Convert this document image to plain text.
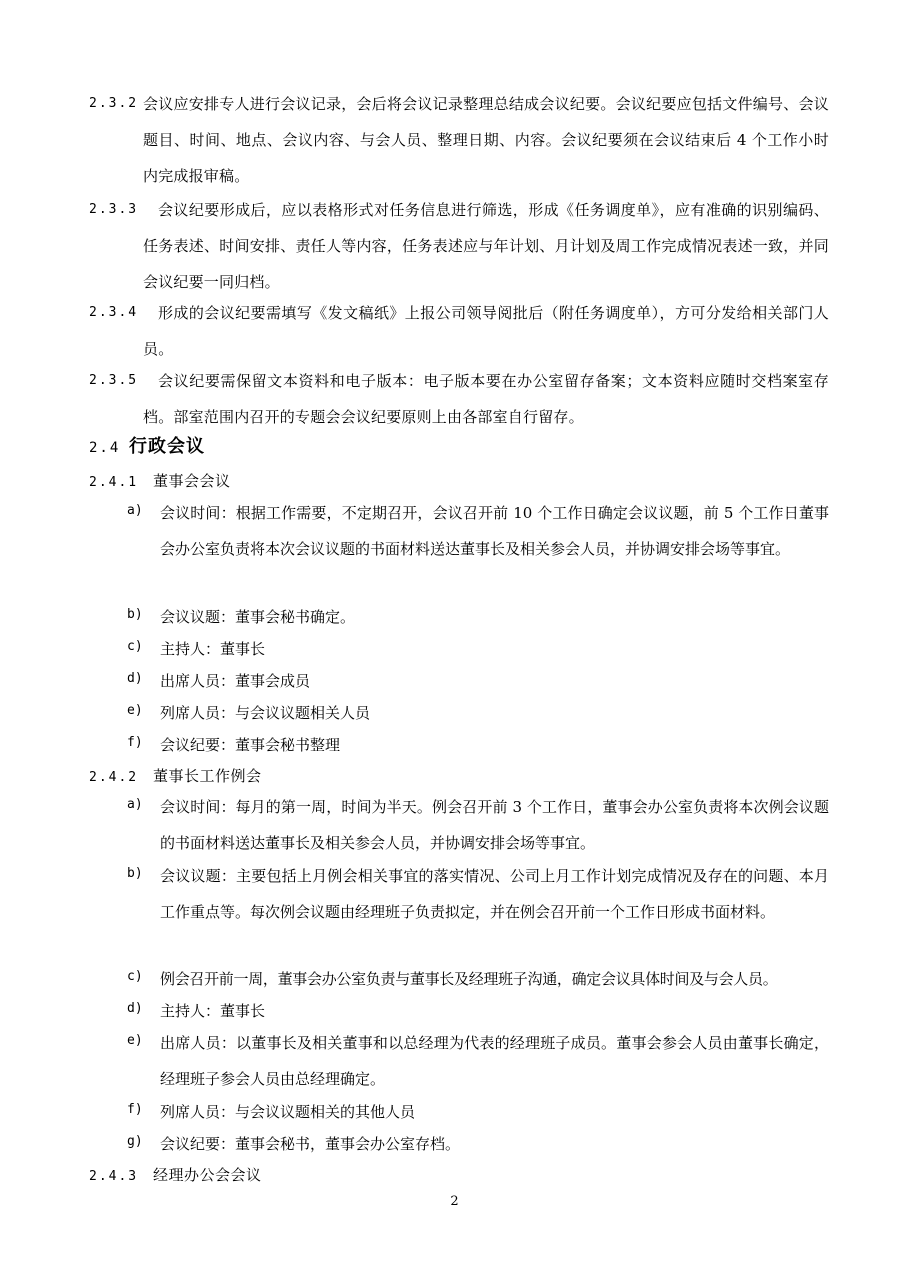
2.3.2 会议应安排专人进行会议记录，会后将会议记录整理总结成会议纪要。会议纪要应包括文件编号、会议题目、时间、地点、会议内容、与会人员、整理日期、内容。会议纪要须在会议结束后 4 个工作小时内完成报审稿。
2.3.3	会议纪要形成后，应以表格形式对任务信息进行筛选，形成《任务调度单》，应有准确的识别编码、任务表述、时间安排、责任人等内容，任务表述应与年计划、月计划及周工作完成情况表述一致，并同会议纪要一同归档。
2.3.4	形成的会议纪要需填写《发文稿纸》上报公司领导阅批后（附任务调度单），方可分发给相关部门人员。
2.3.5	会议纪要需保留文本资料和电子版本：电子版本要在办公室留存备案；文本资料应随时交档案室存档。部室范围内召开的专题会会议纪要原则上由各部室自行留存。
2.4 行政会议
2.4.1 董事会会议
a) 会议时间：根据工作需要，不定期召开，会议召开前 10 个工作日确定会议议题，前 5 个工作日董事会办公室负责将本次会议议题的书面材料送达董事长及相关参会人员，并协调安排会场等事宜。
b) 会议议题：董事会秘书确定。
c) 主持人：董事长
d) 出席人员：董事会成员
e) 列席人员：与会议议题相关人员
f) 会议纪要：董事会秘书整理
2.4.2 董事长工作例会
a) 会议时间：每月的第一周，时间为半天。例会召开前 3 个工作日，董事会办公室负责将本次例会议题的书面材料送达董事长及相关参会人员，并协调安排会场等事宜。
b) 会议议题：主要包括上月例会相关事宜的落实情况、公司上月工作计划完成情况及存在的问题、本月工作重点等。每次例会议题由经理班子负责拟定，并在例会召开前一个工作日形成书面材料。
c) 例会召开前一周，董事会办公室负责与董事长及经理班子沟通，确定会议具体时间及与会人员。
d) 主持人：董事长
e) 出席人员：以董事长及相关董事和以总经理为代表的经理班子成员。董事会参会人员由董事长确定，经理班子参会人员由总经理确定。
f) 列席人员：与会议议题相关的其他人员
g) 会议纪要：董事会秘书，董事会办公室存档。
2.4.3 经理办公会会议
2
